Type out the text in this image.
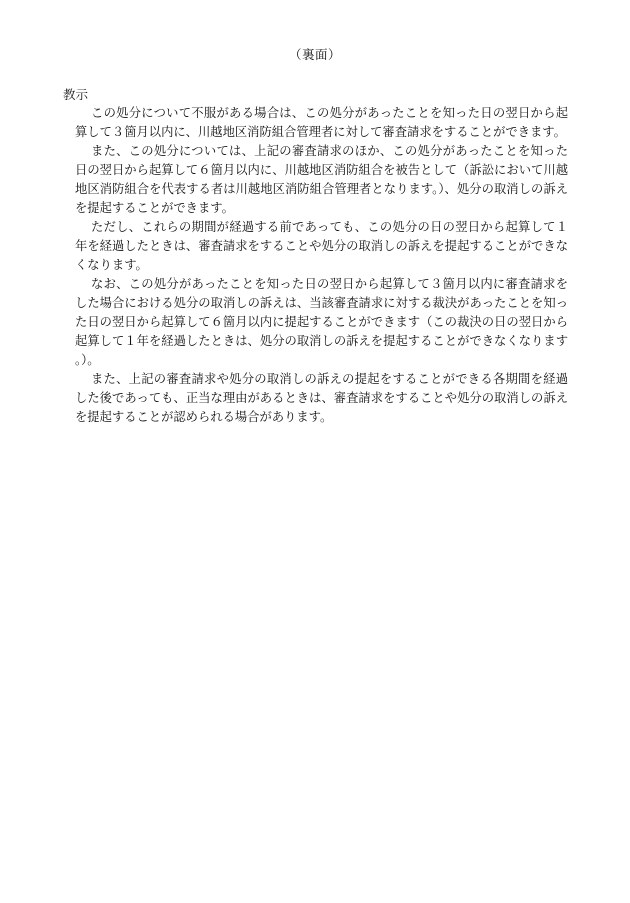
（裏面）
教示

この処分について不服がある場合は、この処分があったことを知った日の翌日から起算して３箇月以内に、川越地区消防組合管理者に対して審査請求をすることができます。

また、この処分については、上記の審査請求のほか、この処分があったことを知った日の翌日から起算して６箇月以内に、川越地区消防組合を被告として（訴訟において川越地区消防組合を代表する者は川越地区消防組合管理者となります。）、処分の取消しの訴えを提起することができます。

ただし、これらの期間が経過する前であっても、この処分の日の翌日から起算して１年を経過したときは、審査請求をすることや処分の取消しの訴えを提起することができなくなります。

なお、この処分があったことを知った日の翌日から起算して３箇月以内に審査請求をした場合における処分の取消しの訴えは、当該審査請求に対する裁決があったことを知った日の翌日から起算して６箇月以内に提起することができます（この裁決の日の翌日から起算して１年を経過したときは、処分の取消しの訴えを提起することができなくなります。）。

また、上記の審査請求や処分の取消しの訴えの提起をすることができる各期間を経過した後であっても、正当な理由があるときは、審査請求をすることや処分の取消しの訴えを提起することが認められる場合があります。
